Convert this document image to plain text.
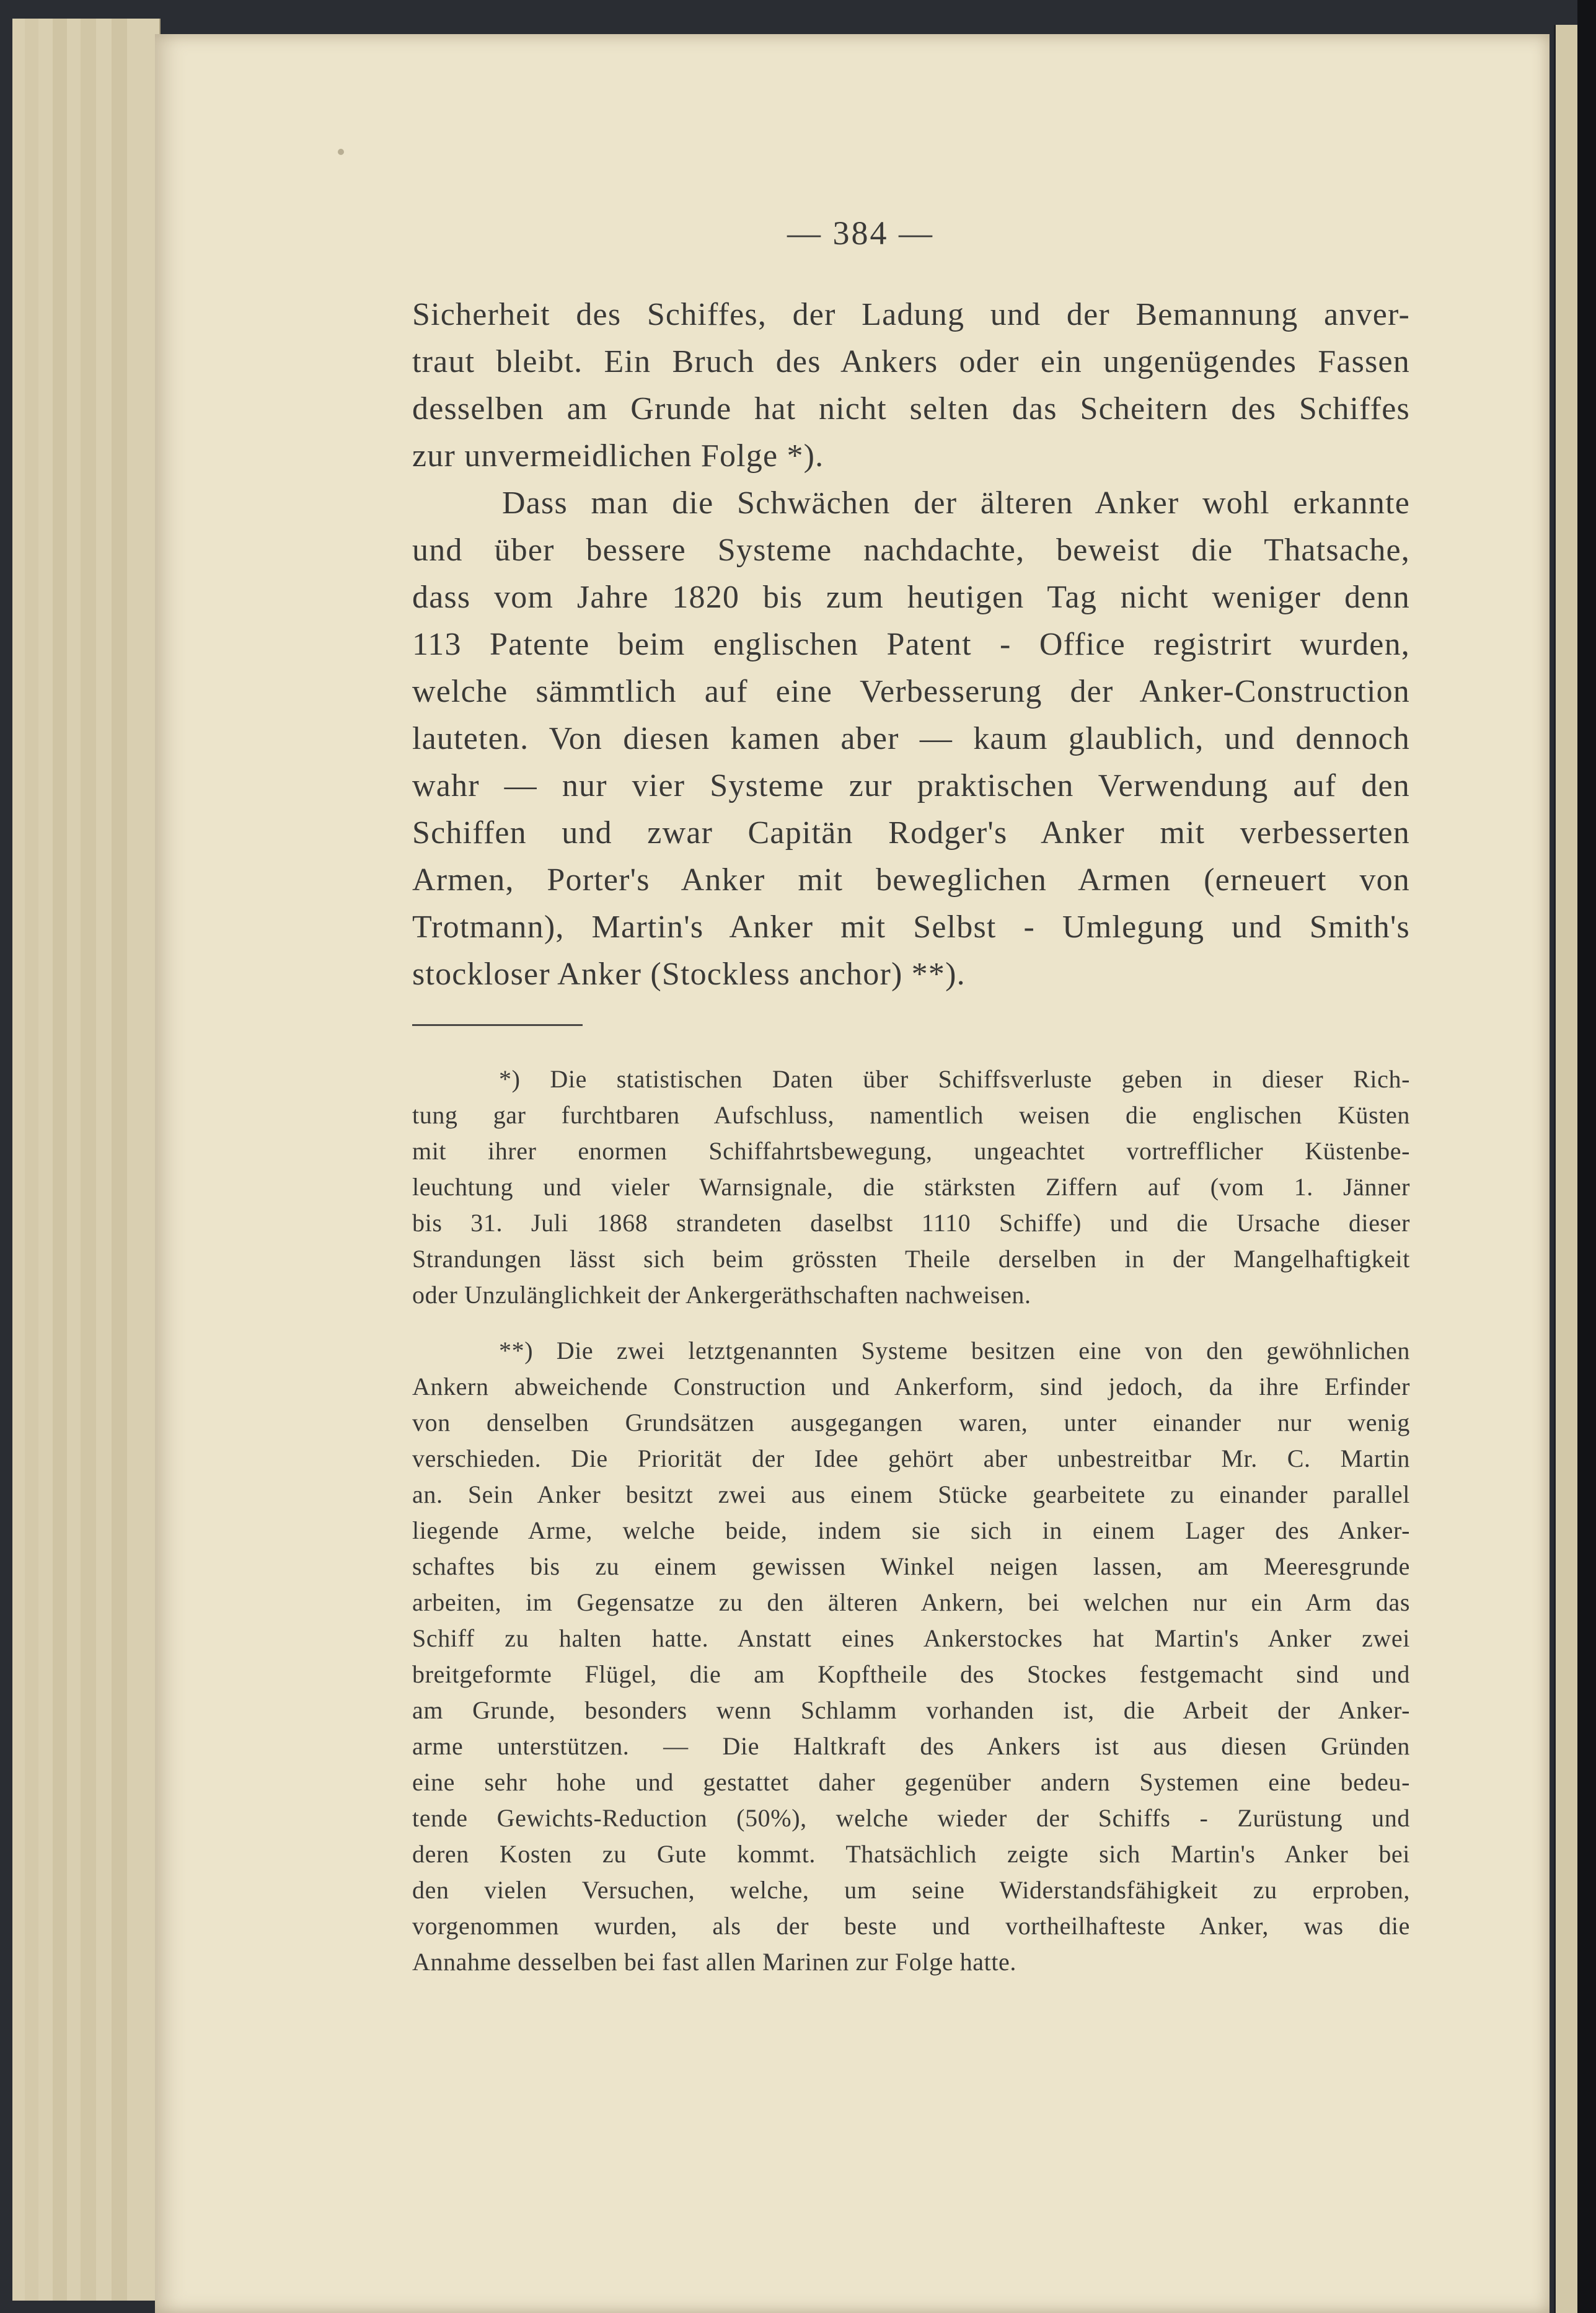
— 384 —
Sicherheit des Schiffes, der Ladung und der Bemannung anver-
traut bleibt. Ein Bruch des Ankers oder ein ungenügendes Fassen
desselben am Grunde hat nicht selten das Scheitern des Schiffes
zur unvermeidlichen Folge *).
Dass man die Schwächen der älteren Anker wohl erkannte
und über bessere Systeme nachdachte, beweist die Thatsache,
dass vom Jahre 1820 bis zum heutigen Tag nicht weniger denn
113 Patente beim englischen Patent - Office registrirt wurden,
welche sämmtlich auf eine Verbesserung der Anker-Construction
lauteten. Von diesen kamen aber — kaum glaublich, und dennoch
wahr — nur vier Systeme zur praktischen Verwendung auf den
Schiffen und zwar Capitän Rodger's Anker mit verbesserten
Armen, Porter's Anker mit beweglichen Armen (erneuert von
Trotmann), Martin's Anker mit Selbst - Umlegung und Smith's
stockloser Anker (Stockless anchor) **).
*) Die statistischen Daten über Schiffsverluste geben in dieser Rich-
tung gar furchtbaren Aufschluss, namentlich weisen die englischen Küsten
mit ihrer enormen Schiffahrtsbewegung, ungeachtet vortrefflicher Küstenbe-
leuchtung und vieler Warnsignale, die stärksten Ziffern auf (vom 1. Jänner
bis 31. Juli 1868 strandeten daselbst 1110 Schiffe) und die Ursache dieser
Strandungen lässt sich beim grössten Theile derselben in der Mangelhaftigkeit
oder Unzulänglichkeit der Ankergeräthschaften nachweisen.
**) Die zwei letztgenannten Systeme besitzen eine von den gewöhnlichen
Ankern abweichende Construction und Ankerform, sind jedoch, da ihre Erfinder
von denselben Grundsätzen ausgegangen waren, unter einander nur wenig
verschieden. Die Priorität der Idee gehört aber unbestreitbar Mr. C. Martin
an. Sein Anker besitzt zwei aus einem Stücke gearbeitete zu einander parallel
liegende Arme, welche beide, indem sie sich in einem Lager des Anker-
schaftes bis zu einem gewissen Winkel neigen lassen, am Meeresgrunde
arbeiten, im Gegensatze zu den älteren Ankern, bei welchen nur ein Arm das
Schiff zu halten hatte. Anstatt eines Ankerstockes hat Martin's Anker zwei
breitgeformte Flügel, die am Kopftheile des Stockes festgemacht sind und
am Grunde, besonders wenn Schlamm vorhanden ist, die Arbeit der Anker-
arme unterstützen. — Die Haltkraft des Ankers ist aus diesen Gründen
eine sehr hohe und gestattet daher gegenüber andern Systemen eine bedeu-
tende Gewichts-Reduction (50%), welche wieder der Schiffs - Zurüstung und
deren Kosten zu Gute kommt. Thatsächlich zeigte sich Martin's Anker bei
den vielen Versuchen, welche, um seine Widerstandsfähigkeit zu erproben,
vorgenommen wurden, als der beste und vortheilhafteste Anker, was die
Annahme desselben bei fast allen Marinen zur Folge hatte.
